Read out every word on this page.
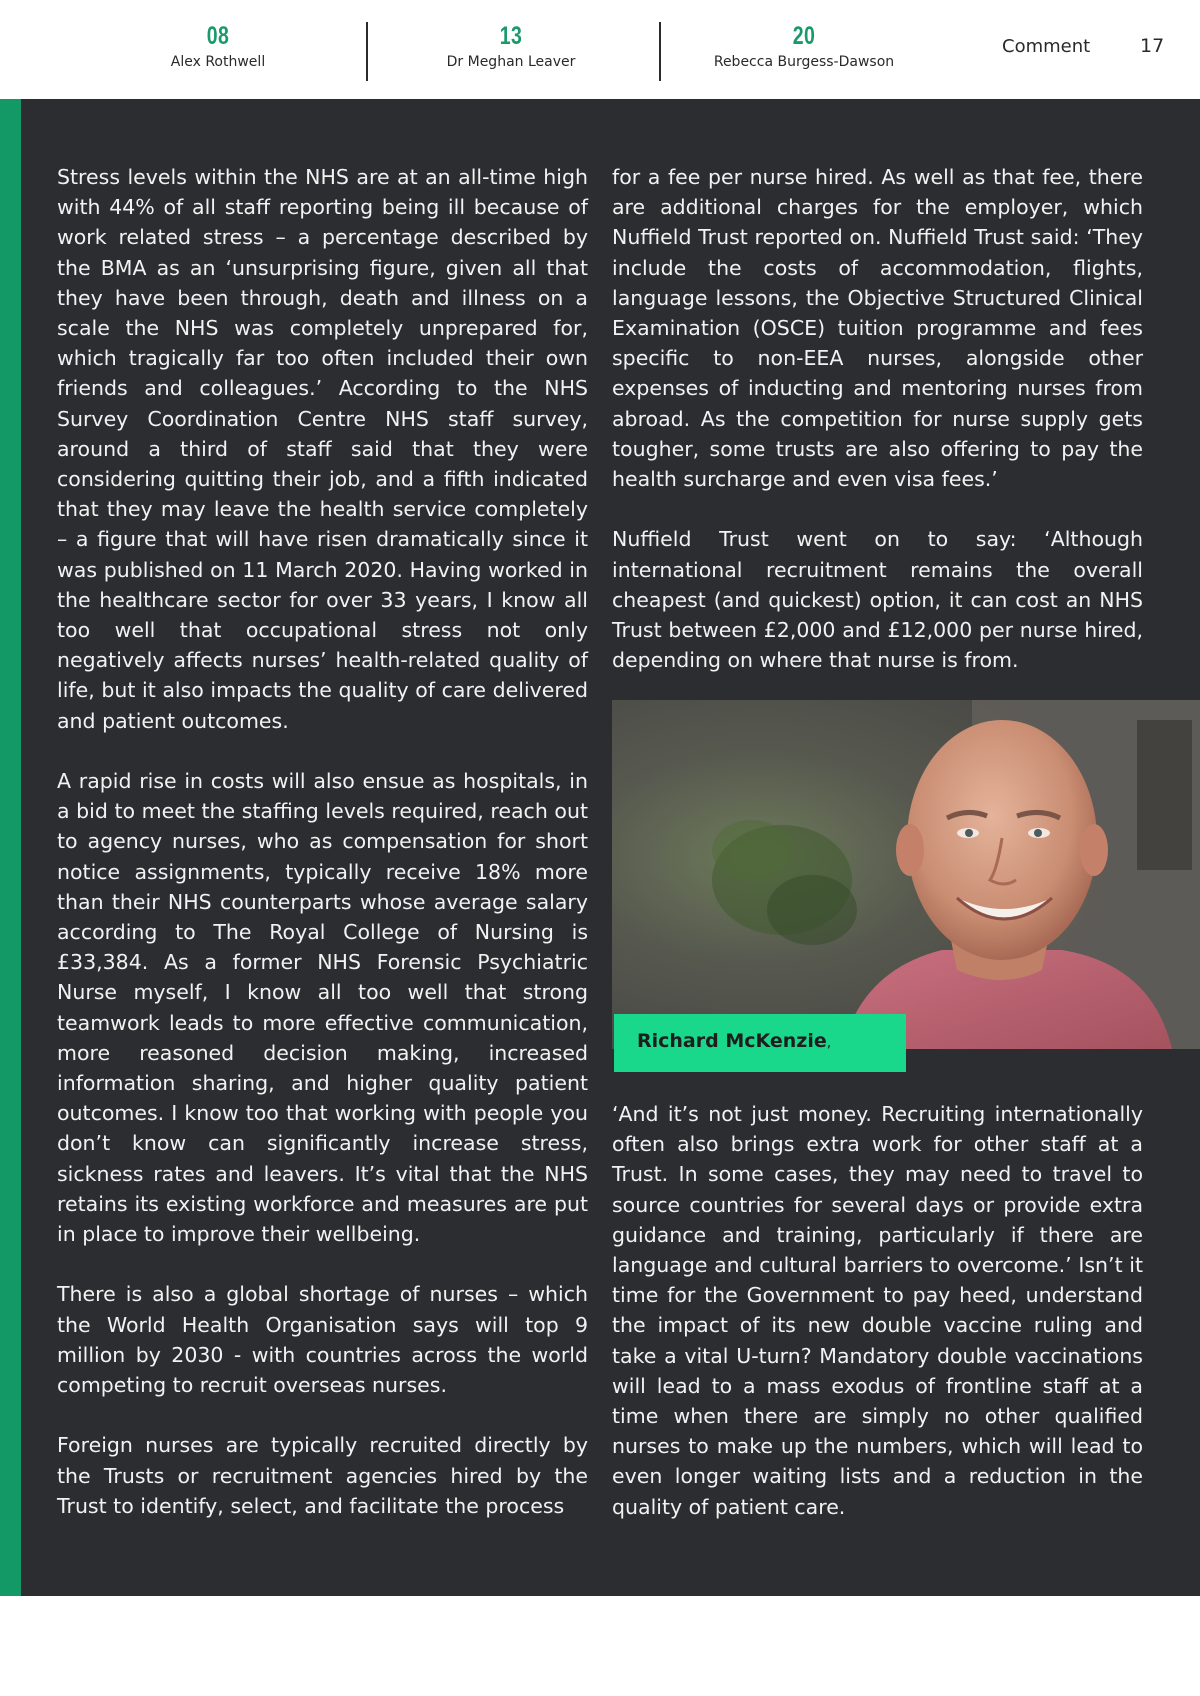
08
Alex Rothwell
13
Dr Meghan Leaver
20
Rebecca Burgess-Dawson
Comment	17

Stress levels within the NHS are at an all-time high with 44% of all staff reporting being ill because of work related stress – a percentage described by the BMA as an ‘unsurprising figure, given all that they have been through, death and illness on a scale the NHS was completely unprepared for, which tragically far too often included their own friends and colleagues.’ According to the NHS Survey Coordination Centre NHS staff survey, around a third of staff said that they were considering quitting their job, and a fifth indicated that they may leave the health service completely – a figure that will have risen dramatically since it was published on 11 March 2020. Having worked in the healthcare sector for over 33 years, I know all too well that occupational stress not only negatively affects nurses’ health-related quality of life, but it also impacts the quality of care delivered and patient outcomes.

A rapid rise in costs will also ensue as hospitals, in a bid to meet the staffing levels required, reach out to agency nurses, who as compensation for short notice assignments, typically receive 18% more than their NHS counterparts whose average salary according to The Royal College of Nursing is £33,384. As a former NHS Forensic Psychiatric Nurse myself, I know all too well that strong teamwork leads to more effective communication, more reasoned decision making, increased information sharing, and higher quality patient outcomes. I know too that working with people you don’t know can significantly increase stress, sickness rates and leavers. It’s vital that the NHS retains its existing workforce and measures are put in place to improve their wellbeing.

There is also a global shortage of nurses – which the World Health Organisation says will top 9 million by 2030 - with countries across the world competing to recruit overseas nurses.

Foreign nurses are typically recruited directly by the Trusts or recruitment agencies hired by the Trust to identify, select, and facilitate the process

for a fee per nurse hired. As well as that fee, there are additional charges for the employer, which Nuffield Trust reported on. Nuffield Trust said: ‘They include the costs of accommodation, flights, language lessons, the Objective Structured Clinical Examination (OSCE) tuition programme and fees specific to non-EEA nurses, alongside other expenses of inducting and mentoring nurses from abroad. As the competition for nurse supply gets tougher, some trusts are also offering to pay the health surcharge and even visa fees.’

Nuffield Trust went on to say: ‘Although international recruitment remains the overall cheapest (and quickest) option, it can cost an NHS Trust between £2,000 and £12,000 per nurse hired, depending on where that nurse is from.

Richard McKenzie,

‘And it’s not just money. Recruiting internationally often also brings extra work for other staff at a Trust. In some cases, they may need to travel to source countries for several days or provide extra guidance and training, particularly if there are language and cultural barriers to overcome.’ Isn’t it time for the Government to pay heed, understand the impact of its new double vaccine ruling and take a vital U-turn? Mandatory double vaccinations will lead to a mass exodus of frontline staff at a time when there are simply no other qualified nurses to make up the numbers, which will lead to even longer waiting lists and a reduction in the quality of patient care.
